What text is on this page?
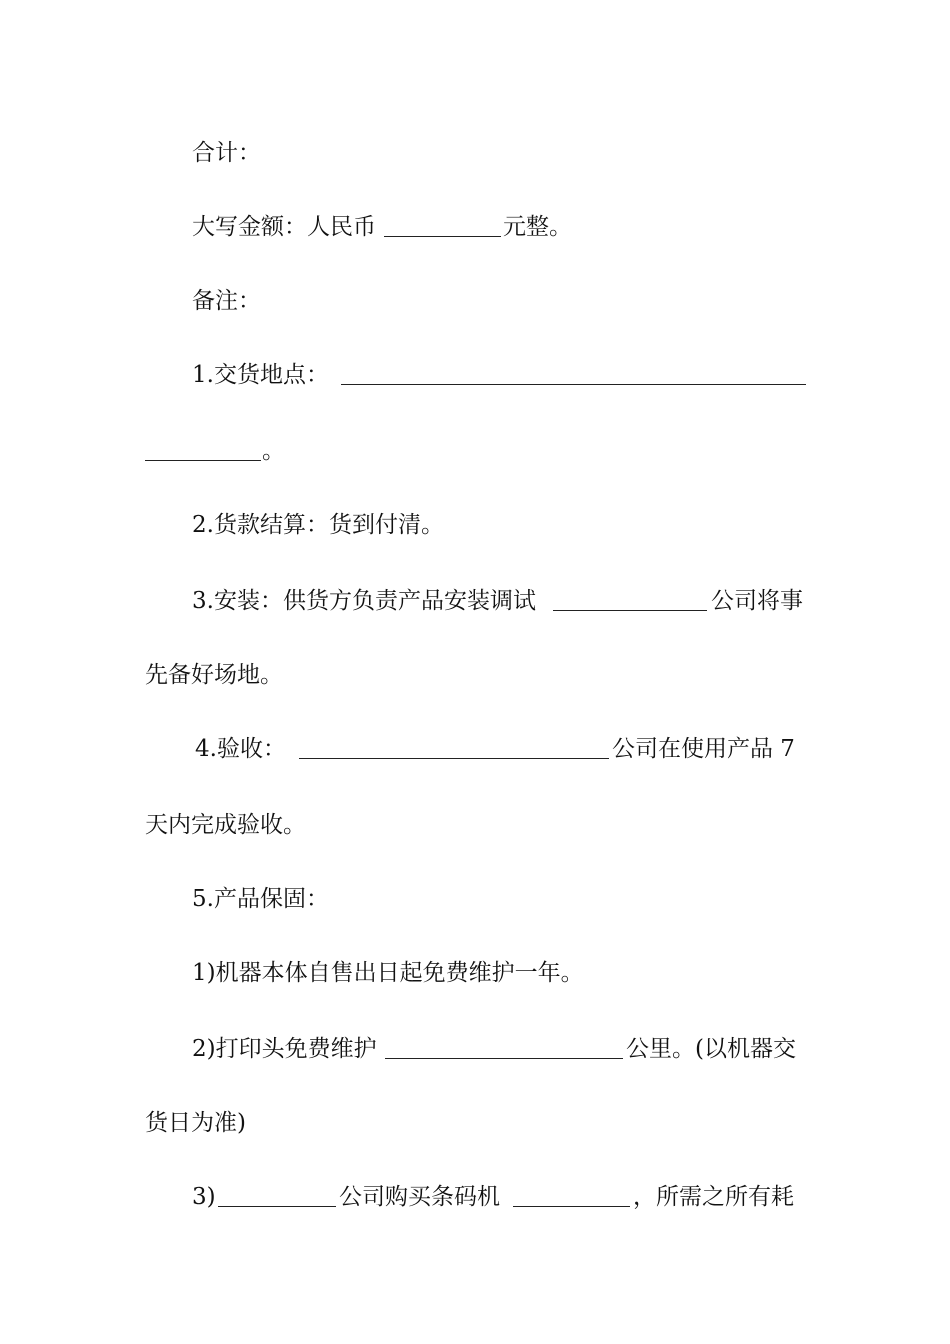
合计：
大写金额：人民币	元整。
备注：
1.交货地点：
。
2.货款结算：货到付清。
3.安装：供货方负责产品安装调试	公司将事
先备好场地。
4.验收：	公司在使用产品 7
天内完成验收。
5.产品保固：
1)机器本体自售出日起免费维护一年。
2)打印头免费维护	公里。(以机器交
货日为准)
3)	公司购买条码机	，所需之所有耗
